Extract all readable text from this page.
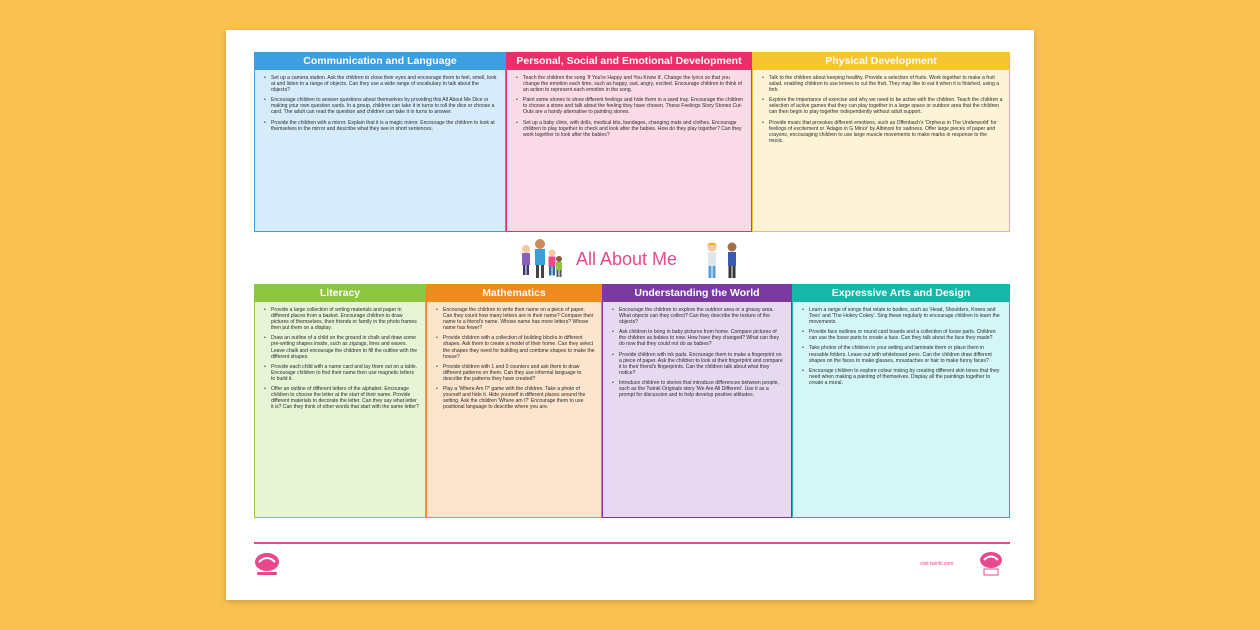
Communication and Language
• Set up a camera station. Ask the children to close their eyes and encourage them to feel, smell, look at and listen to a range of objects. Can they use a wide range of vocabulary to talk about the objects?
• Encourage children to answer questions about themselves by providing this All About Me Dice or making your own question cards. In a group, children can take it in turns to roll the dice or choose a card. The adult can read the question and children can take it in turns to answer.
• Provide the children with a mirror. Explain that it is a magic mirror. Encourage the children to look at themselves in the mirror and describe what they see in short sentences.
Personal, Social and Emotional Development
• Teach the children the song 'If You're Happy and You Know It'. Change the lyrics so that you change the emotion each time, such as happy, sad, angry, excited. Encourage children to think of an action to represent each emotion in the song.
• Paint some stones to show different feelings and hide them in a sand tray. Encourage the children to choose a stone and talk about the feeling they have chosen. These Feelings Story Stones Cut-Outs are a handy alternative to painting stones.
• Set up a baby clinic, with dolls, medical kits, bandages, changing mats and clothes. Encourage children to play together to check and look after the babies. How do they play together? Can they work together to look after the babies?
Physical Development
• Talk to the children about keeping healthy. Provide a selection of fruits. Work together to make a fruit salad, enabling children to use knives to cut the fruit. They may like to eat it when it is finished, using a fork.
• Explore the importance of exercise and why we need to be active with the children. Teach the children a selection of active games that they can play together in a large space or outdoor area that the children can then begin to play together independently without adult support.
• Provide music that provokes different emotions, such as Offenbach's 'Orpheus in The Underworld' for feelings of excitement or 'Adagio in G Minor' by Albinoni for sadness. Offer large pieces of paper and crayons, encouraging children to use large muscle movements to make marks in response to the music.
All About Me
Literacy
• Provide a large collection of writing materials and paper in different places from a basket. Encourage children to draw pictures of themselves, their friends or family in the photo frames then put them on a display.
• Draw an outline of a child on the ground in chalk and draw some pre-writing shapes inside, such as zigzags, lines and waves. Leave chalk and encourage the children to fill the outline with the different shapes.
• Provide each child with a name card and lay them out on a table. Encourage children to find their name then use magnetic letters to build it.
• Offer an outline of different letters of the alphabet. Encourage children to choose the letter at the start of their name. Provide different materials to decorate the letter. Can they say what letter it is? Can they think of other words that start with the same letter?
Mathematics
• Encourage the children to write their name on a piece of paper. Can they count how many letters are in their name? Compare their name to a friend's name. Whose name has more letters? Whose name has fewer?
• Provide children with a collection of building blocks in different shapes. Ask them to create a model of their home. Can they select the shapes they need for building and combine shapes to make the house?
• Provide children with 1 and 0 counters and ask them to draw different patterns on them. Can they use informal language to describe the patterns they have created?
• Play a 'Where Am I?' game with the children. Take a photo of yourself and hide it. Hide yourself in different places around the setting. Ask the children 'Where am I?' Encourage them to use positional language to describe where you are.
Understanding the World
• Encourage the children to explore the outdoor area or a grassy area. What objects can they collect? Can they describe the texture of the objects?
• Ask children to bring in baby pictures from home. Compare pictures of the children as babies to now. How have they changed? What can they do now that they could not do as babies?
• Provide children with ink pads. Encourage them to make a fingerprint on a piece of paper. Ask the children to look at their fingerprint and compare it to their friend's fingerprints. Can the children talk about what they notice?
• Introduce children to stories that introduce differences between people, such as the Twinkl Originals story 'We Are All Different'. Use it as a prompt for discussion and to help develop positive attitudes.
Expressive Arts and Design
• Learn a range of songs that relate to bodies, such as 'Head, Shoulders, Knees and Toes' and 'The Hokey Cokey'. Sing these regularly to encourage children to learn the movements.
• Provide face outlines or round card boards and a collection of loose parts. Children can use the loose parts to create a face. Can they talk about the face they made?
• Take photos of the children in your setting and laminate them or place them in reusable folders. Leave out with whiteboard pens. Can the children draw different shapes on the faces to make glasses, moustaches or hair to make funny faces?
• Encourage children to explore colour mixing by creating different skin tones that they need when making a painting of themselves. Display all the paintings together to create a mural.
visit twinkl.com
